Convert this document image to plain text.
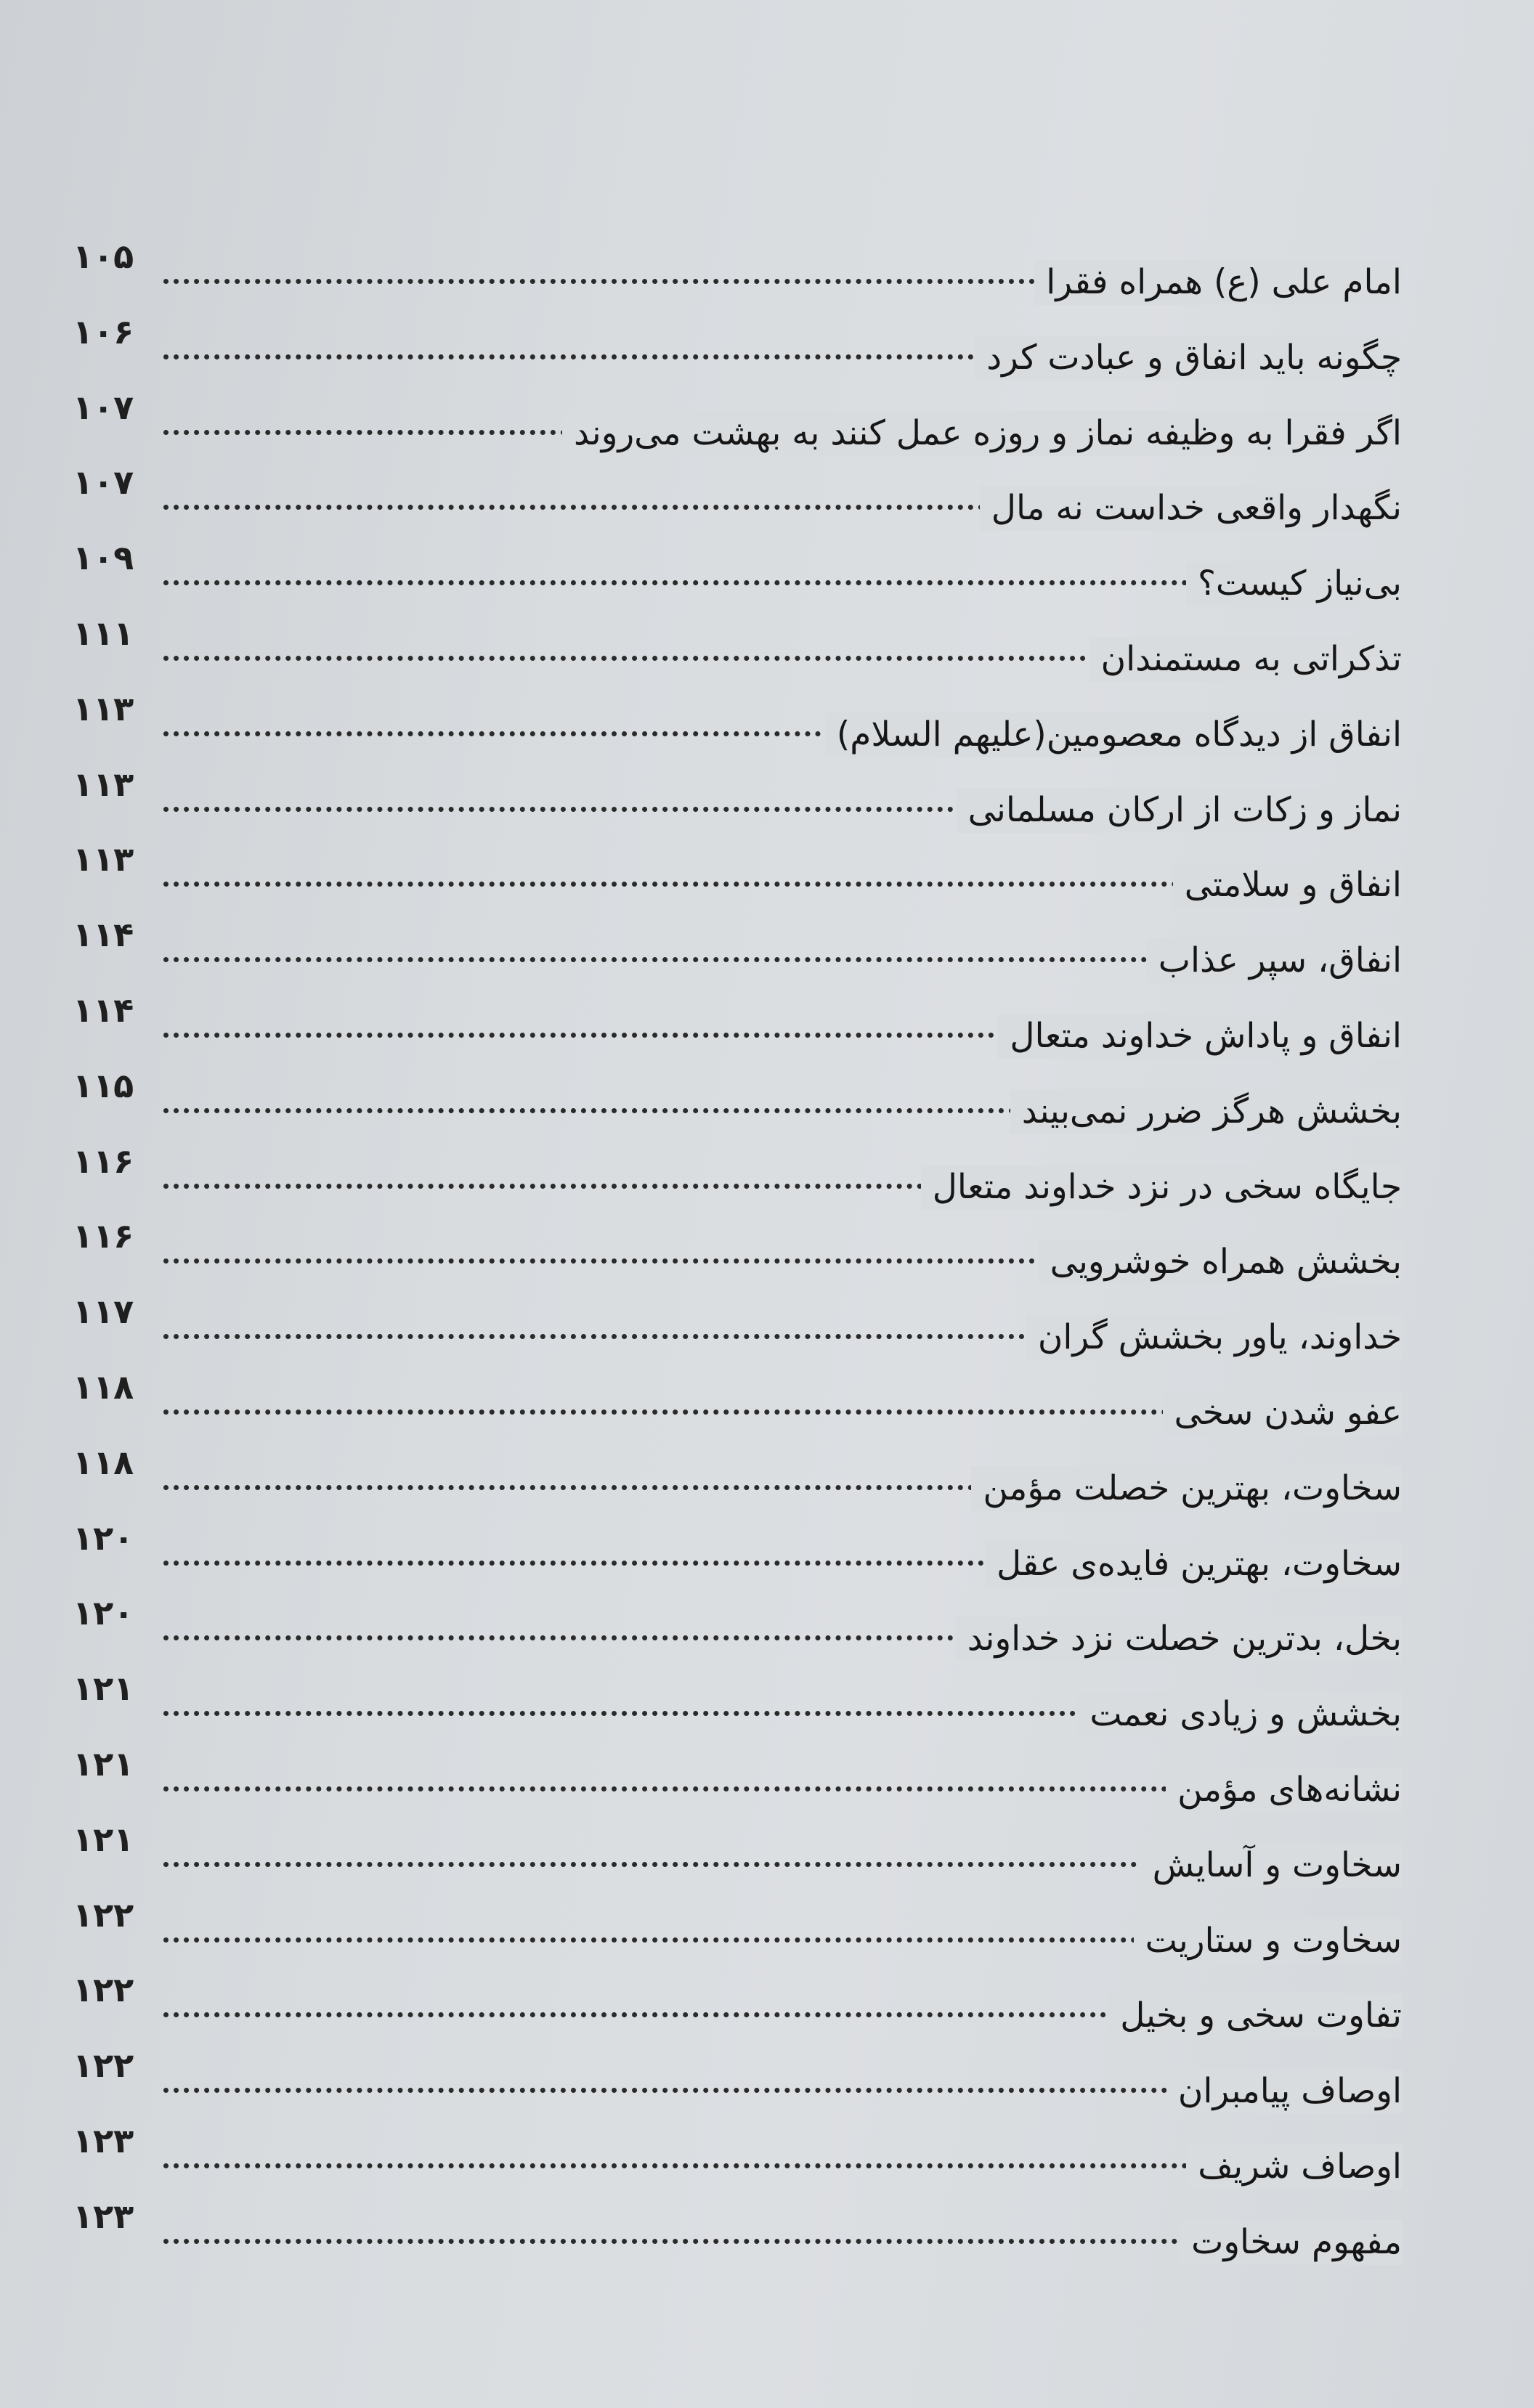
۱۰۵
امام علی (ع) همراه فقرا
۱۰۶
چگونه باید انفاق و عبادت کرد
۱۰۷
اگر فقرا به وظیفه نماز و روزه عمل کنند به بهشت می‌روند
۱۰۷
نگهدار واقعی خداست نه مال
۱۰۹
بی‌نیاز کیست؟
۱۱۱
تذکراتی به مستمندان
۱۱۳
انفاق از دیدگاه معصومین(علیهم السلام)
۱۱۳
نماز و زکات از ارکان مسلمانی
۱۱۳
انفاق و سلامتی
۱۱۴
انفاق، سپر عذاب
۱۱۴
انفاق و پاداش خداوند متعال
۱۱۵
بخشش هرگز ضرر نمی‌بیند
۱۱۶
جایگاه سخی در نزد خداوند متعال
۱۱۶
بخشش همراه خوشرویی
۱۱۷
خداوند، یاور بخشش گران
۱۱۸
عفو شدن سخی
۱۱۸
سخاوت، بهترین خصلت مؤمن
۱۲۰
سخاوت، بهترین فایده‌ی عقل
۱۲۰
بخل، بدترین خصلت نزد خداوند
۱۲۱
بخشش و زیادی نعمت
۱۲۱
نشانه‌های مؤمن
۱۲۱
سخاوت و آسایش
۱۲۲
سخاوت و ستاریت
۱۲۲
تفاوت سخی و بخیل
۱۲۲
اوصاف پیامبران
۱۲۳
اوصاف شریف
۱۲۳
مفهوم سخاوت
